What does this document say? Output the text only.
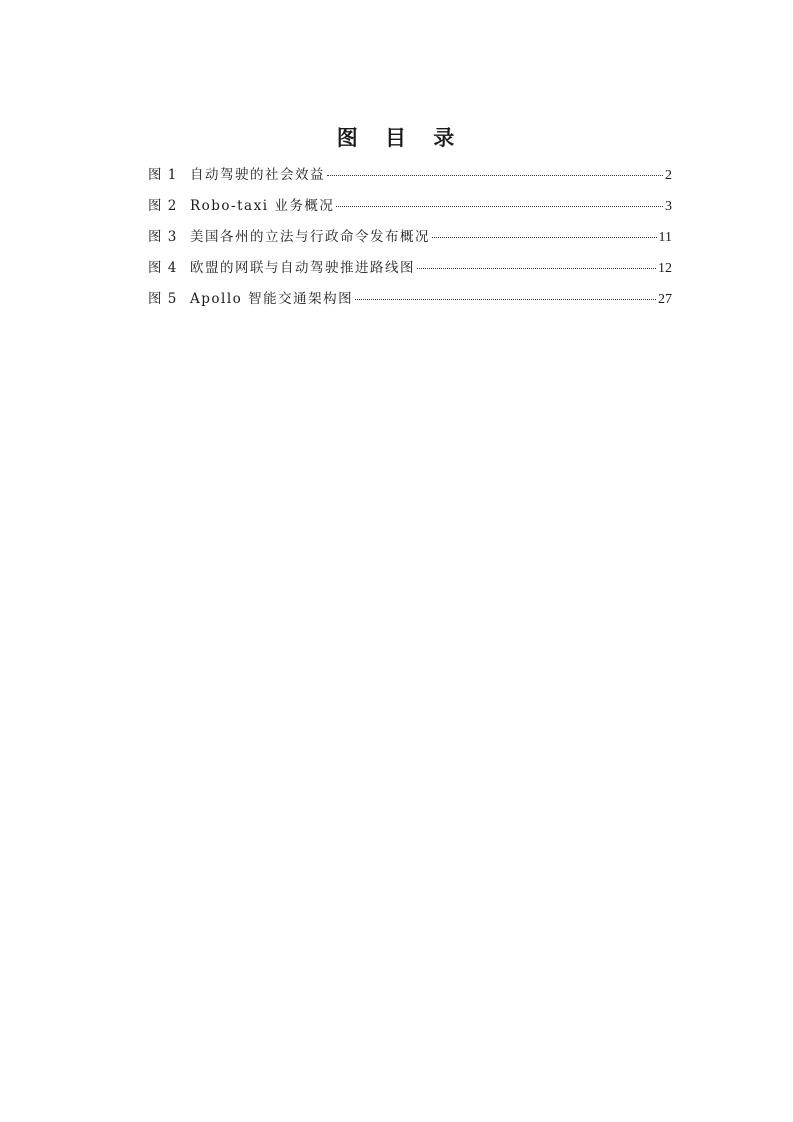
图 目 录
图 1 自动驾驶的社会效益	2
图 2 Robo-taxi 业务概况	3
图 3 美国各州的立法与行政命令发布概况	11
图 4 欧盟的网联与自动驾驶推进路线图	12
图 5 Apollo 智能交通架构图	27
